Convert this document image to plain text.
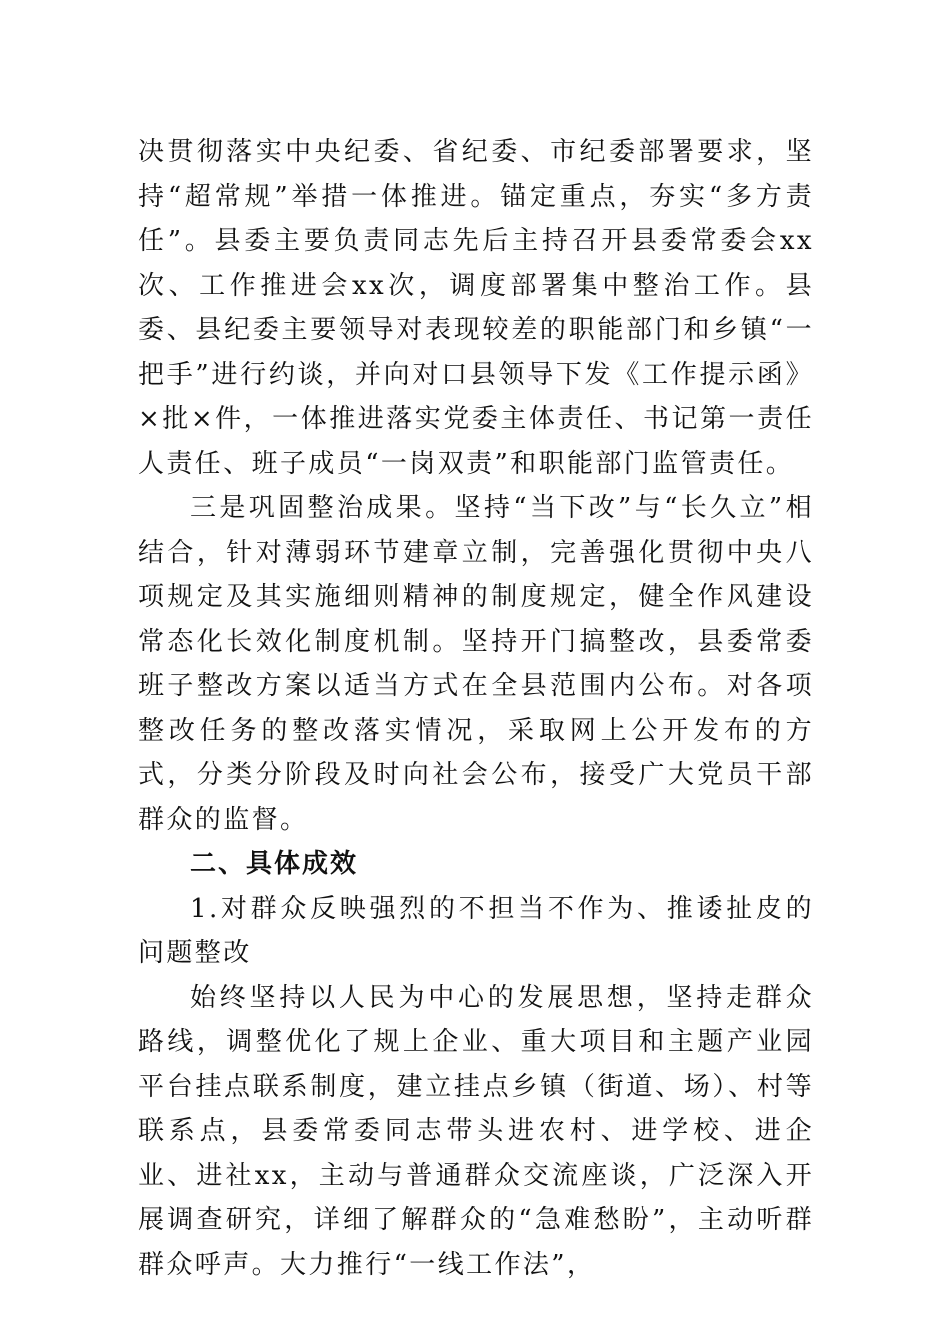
决贯彻落实中央纪委、省纪委、市纪委部署要求，坚持“超常规”举措一体推进。锚定重点，夯实“多方责任”。县委主要负责同志先后主持召开县委常委会xx次、工作推进会xx次，调度部署集中整治工作。县委、县纪委主要领导对表现较差的职能部门和乡镇“一把手”进行约谈，并向对口县领导下发《工作提示函》×批×件，一体推进落实党委主体责任、书记第一责任人责任、班子成员“一岗双责”和职能部门监管责任。

三是巩固整治成果。坚持“当下改”与“长久立”相结合，针对薄弱环节建章立制，完善强化贯彻中央八项规定及其实施细则精神的制度规定，健全作风建设常态化长效化制度机制。坚持开门搞整改，县委常委班子整改方案以适当方式在全县范围内公布。对各项整改任务的整改落实情况，采取网上公开发布的方式，分类分阶段及时向社会公布，接受广大党员干部群众的监督。

二、具体成效

1.对群众反映强烈的不担当不作为、推诿扯皮的问题整改

始终坚持以人民为中心的发展思想，坚持走群众路线，调整优化了规上企业、重大项目和主题产业园平台挂点联系制度，建立挂点乡镇（街道、场）、村等联系点，县委常委同志带头进农村、进学校、进企业、进社xx，主动与普通群众交流座谈，广泛深入开展调查研究，详细了解群众的“急难愁盼”，主动听群群众呼声。大力推行“一线工作法”，
